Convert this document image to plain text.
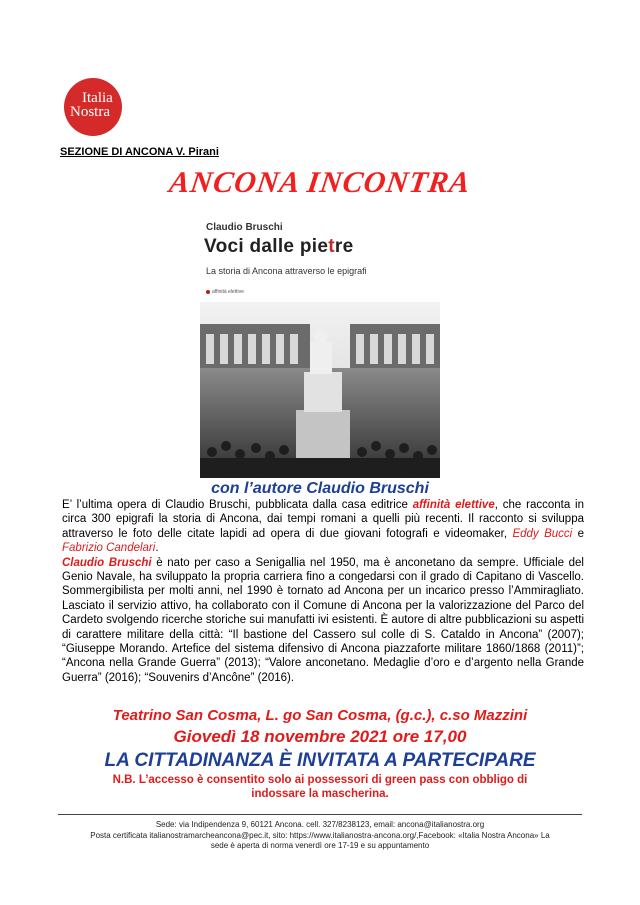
Italia
Nostra
SEZIONE DI ANCONA V. Pirani
ANCONA INCONTRA
Claudio Bruschi
Voci dalle pietre
La storia di Ancona attraverso le epigrafi
affinità elettive
con l’autore Claudio Bruschi

E’ l’ultima opera di Claudio Bruschi, pubblicata dalla casa editrice affinità elettive, che racconta in circa 300 epigrafi la storia di Ancona, dai tempi romani a quelli più recenti. Il racconto si sviluppa attraverso le foto delle citate lapidi ad opera di due giovani fotografi e videomaker, Eddy Bucci e Fabrizio Candelari.

Claudio Bruschi è nato per caso a Senigallia nel 1950, ma è anconetano da sempre. Ufficiale del Genio Navale, ha sviluppato la propria carriera fino a congedarsi con il grado di Capitano di Vascello. Sommergibilista per molti anni, nel 1990 è tornato ad Ancona per un incarico presso l’Ammiragliato. Lasciato il servizio attivo, ha collaborato con il Comune di Ancona per la valorizzazione del Parco del Cardeto svolgendo ricerche storiche sui manufatti ivi esistenti. È autore di altre pubblicazioni su aspetti di carattere militare della città: “Il bastione del Cassero sul colle di S. Cataldo in Ancona” (2007); “Giuseppe Morando. Artefice del sistema difensivo di Ancona piazzaforte militare 1860/1868 (2011)”; “Ancona nella Grande Guerra” (2013); “Valore anconetano. Medaglie d’oro e d’argento nella Grande Guerra” (2016); “Souvenirs d’Ancône” (2016).

Teatrino San Cosma, L. go San Cosma, (g.c.), c.so Mazzini
Giovedì 18 novembre 2021 ore 17,00
LA CITTADINANZA È INVITATA A PARTECIPARE
N.B. L’accesso è consentito solo ai possessori di green pass con obbligo di
indossare la mascherina.

Sede: via Indipendenza 9, 60121 Ancona. cell. 327/8238123, email: ancona@italianostra.org

Posta certificata italianostramarcheancona@pec.it, sito: https://www.italianostra-ancona.org/,Facebook: «Italia Nostra Ancona» La

sede è aperta di norma venerdì ore 17-19 e su appuntamento
